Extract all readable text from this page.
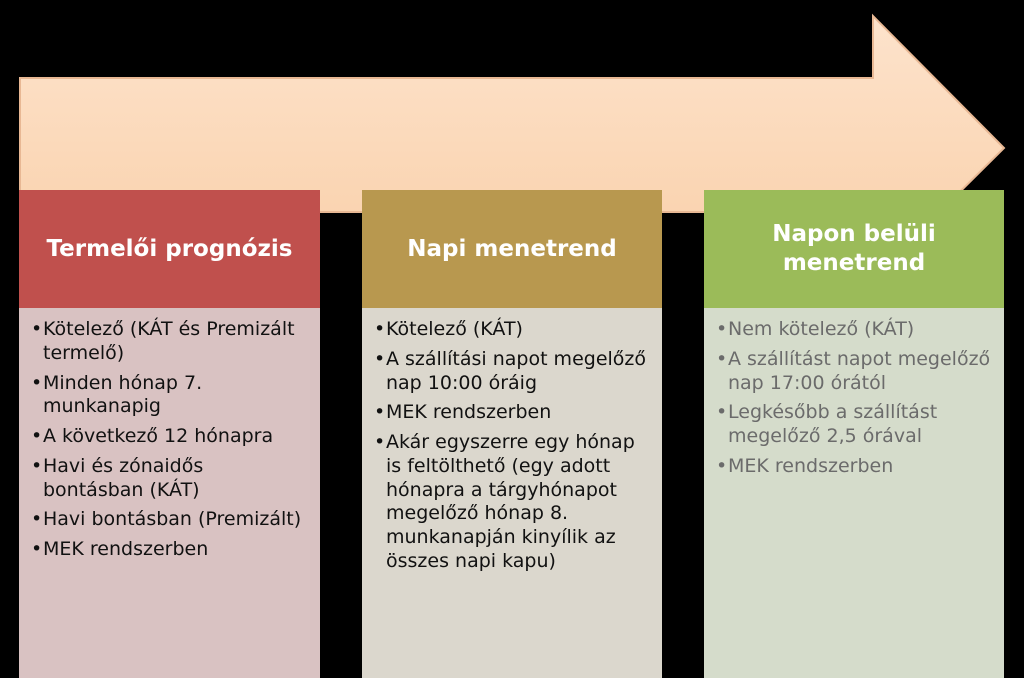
Termelői prognózis
• Kötelező (KÁT és Premizált termelő)
• Minden hónap 7. munkanapig
• A következő 12 hónapra
• Havi és zónaidős bontásban (KÁT)
• Havi bontásban (Premizált)
• MEK rendszerben
Napi menetrend
• Kötelező (KÁT)
• A szállítási napot megelőző nap 10:00 óráig
• MEK rendszerben
• Akár egyszerre egy hónap is feltölthető (egy adott hónapra a tárgyhónapot megelőző hónap 8. munkanapján kinyílik az összes napi kapu)
Napon belüli menetrend
• Nem kötelező (KÁT)
• A szállítást napot megelőző nap 17:00 órától
• Legkésőbb a szállítást megelőző 2,5 órával
• MEK rendszerben
